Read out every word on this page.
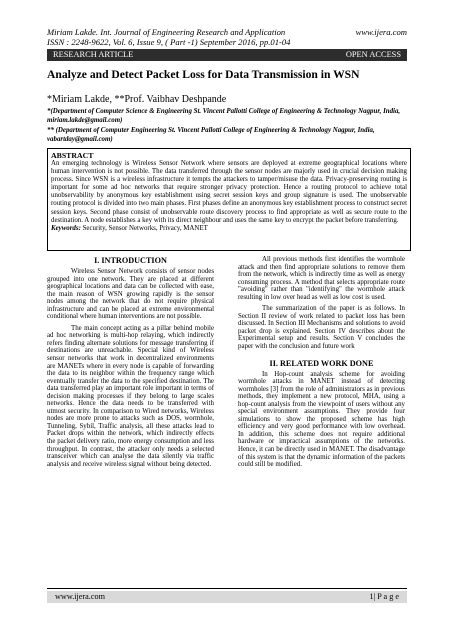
Miriam Lakde. Int. Journal of Engineering Research and Application	www.ijera.com
ISSN : 2248-9622, Vol. 6, Issue 9, ( Part -1) September 2016, pp.01-04
RESEARCH ARTICLE	OPEN ACCESS
Analyze and Detect Packet Loss for Data Transmission in WSN
*Miriam Lakde, **Prof. Vaibhav Deshpande
*(Department of Computer Science & Engineering St. Vincent Pallotti College of Engineering & Technology Nagpur, India, miriam.lakde@gmail.com)
** (Department of Computer Engineering St. Vincent Pallotti College of Engineering & Technology Nagpur, India, vabartday@gmail.com)
ABSTRACT

An emerging technology is Wireless Sensor Network where sensors are deployed at extreme geographical locations where human intervention is not possible. The data transferred through the sensor nodes are majorly used in crucial decision making process. Since WSN is a wireless infrastructure it tempts the attackers to tamper/misuse the data. Privacy-preserving routing is important for some ad hoc networks that require stronger privacy protection. Hence a routing protocol to achieve total unobservability by anonymous key establishment using secret session keys and group signature is used. The unobservable routing protocol is divided into two main phases. First phases define an anonymous key establishment process to construct secret session keys. Second phase consist of unobservable route discovery process to find appropriate as well as secure route to the destination. A node establishes a key with its direct neighbour and uses the same key to encrypt the packet before transferring.

Keywords: Security, Sensor Networks, Privacy, MANET

I. INTRODUCTION

Wireless Sensor Network consists of sensor nodes grouped into one network. They are placed at different geographical locations and data can be collected with ease, the main reason of WSN growing rapidly is the sensor nodes among the network that do not require physical infrastructure and can be placed at extreme environmental conditional where human interventions are not possible.

The main concept acting as a pillar behind mobile ad hoc networking is multi-hop relaying, which indirectly refers finding alternate solutions for message transferring if destinations are unreachable. Special kind of Wireless sensor networks that work in decentralized environments are MANETs where in every node is capable of forwarding the data to its neighbor within the frequency range which eventually transfer the data to the specified destination. The data transferred play an important role important in terms of decision making processes if they belong to large scales networks. Hence the data needs to be transferred with utmost security. In comparison to Wired networks, Wireless nodes are more prone to attacks such as DOS, wormhole, Tunneling, Sybil, Traffic analysis, all these attacks lead to Packet drops within the network, which indirectly effects the packet delivery ratio, more energy consumption and less throughput. In contrast, the attacker only needs a selected transceiver which can analyse the data silently via traffic analysis and receive wireless signal without being detected.

All previous methods first identifies the wormhole attack and then find appropriate solutions to remove them from the network, which is indirectly time as well as energy consuming process. A method that selects appropriate route "avoiding" rather than "identifying" the wormhole attack resulting in low over head as well as low cost is used.

The summarization of the paper is as follows. In Section II review of work related to packet loss has been discussed. In Section III Mechanisms and solutions to avoid packet drop is explained. Section IV describes about the Experimental setup and results. Section V concludes the paper with the conclusion and future work

II. RELATED WORK DONE

In Hop-count analysis scheme for avoiding wormhole attacks in MANET instead of detecting wormholes [3] from the role of administrators as in previous methods, they implement a new protocol, MHA, using a hop-count analysis from the viewpoint of users without any special environment assumptions. They provide four simulations to show the proposed scheme has high efficiency and very good performance with low overhead. In addition, this scheme does not require additional hardware or impractical assumptions of the networks. Hence, it can be directly used in MANET. The disadvantage of this system is that the dynamic information of the packets could still be modified.

www.ijera.com	1| P a g e
